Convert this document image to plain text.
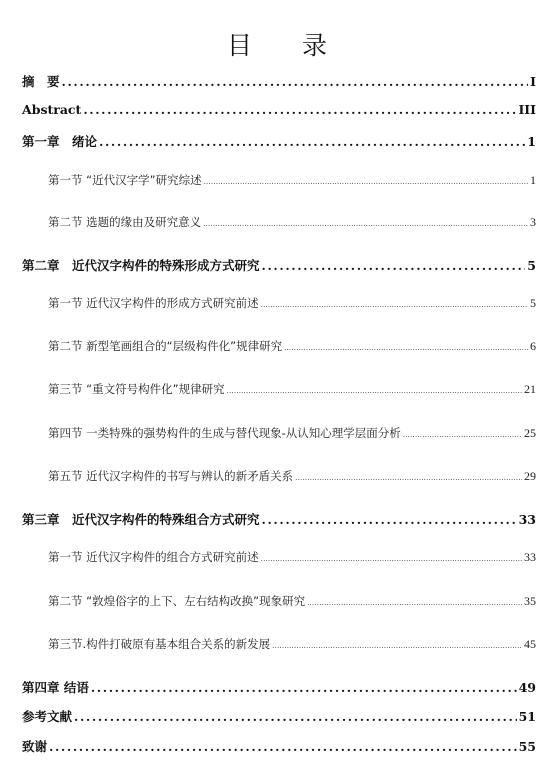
目　　录
摘　要 .....	I
Abstract .....	III
第一章　绪论 .....	1
第一节 “近代汉字学”研究综述 .....	1
第二节 选题的缘由及研究意义 .....	3
第二章　近代汉字构件的特殊形成方式研究 .....	5
第一节 近代汉字构件的形成方式研究前述 .....	5
第二节 新型笔画组合的“层级构件化”规律研究 .....	6
第三节 “重文符号构件化”规律研究 .....	21
第四节 一类特殊的强势构件的生成与替代现象-从认知心理学层面分析 .....	25
第五节 近代汉字构件的书写与辨认的新矛盾关系 .....	29
第三章　近代汉字构件的特殊组合方式研究 .....	33
第一节 近代汉字构件的组合方式研究前述 .....	33
第二节 “敦煌俗字的上下、左右结构改换”现象研究 .....	35
第三节.构件打破原有基本组合关系的新发展 .....	45
第四章 结语 .....	49
参考文献 .....	51
致谢 .....	55
